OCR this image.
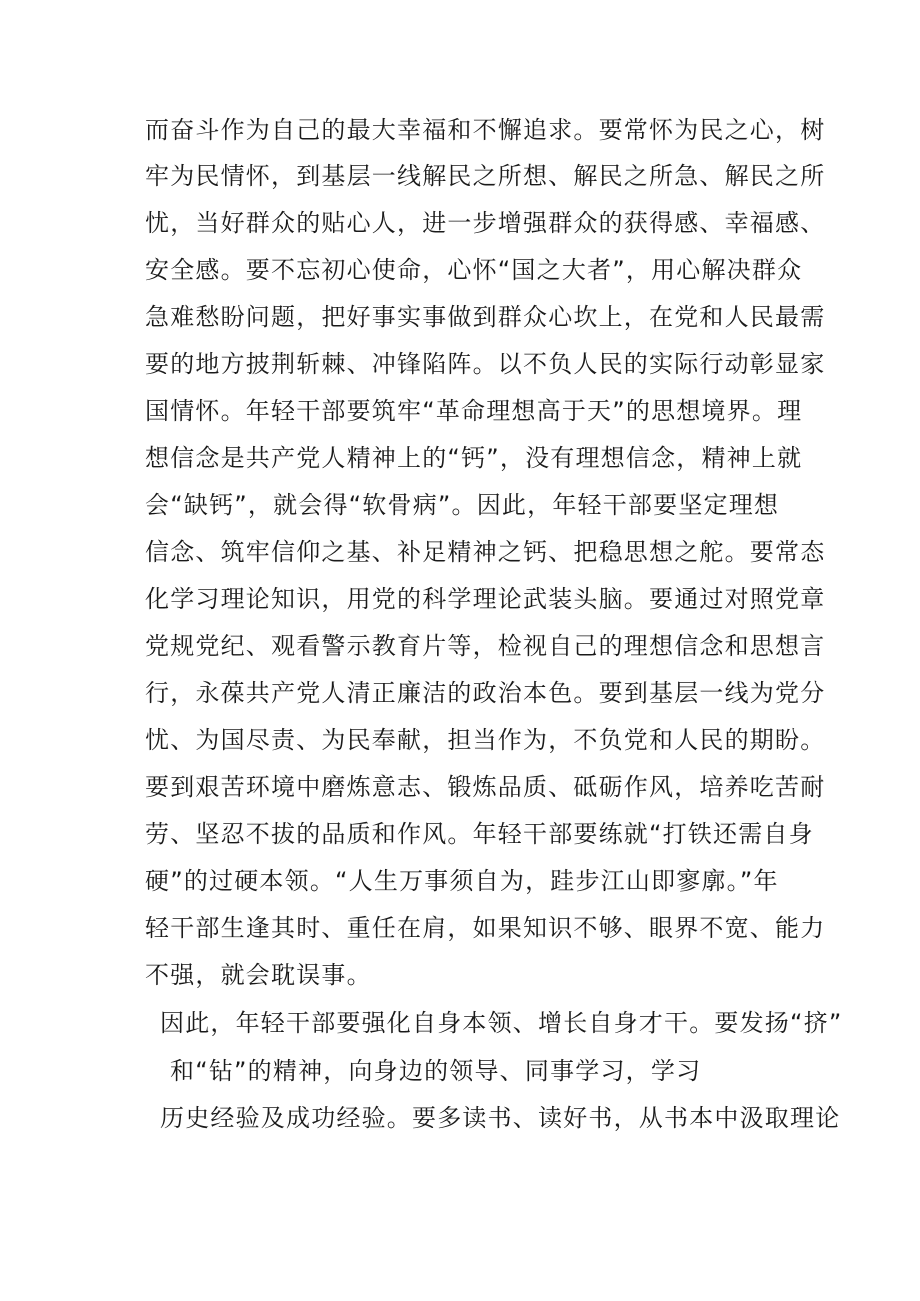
而奋斗作为自己的最大幸福和不懈追求。要常怀为民之心，树
牢为民情怀，到基层一线解民之所想、解民之所急、解民之所
忧，当好群众的贴心人，进一步增强群众的获得感、幸福感、
安全感。要不忘初心使命，心怀“国之大者”，用心解决群众
急难愁盼问题，把好事实事做到群众心坎上，在党和人民最需
要的地方披荆斩棘、冲锋陷阵。以不负人民的实际行动彰显家
国情怀。年轻干部要筑牢“革命理想高于天”的思想境界。理
想信念是共产党人精神上的“钙”，没有理想信念，精神上就
会“缺钙”，就会得“软骨病”。因此，年轻干部要坚定理想
信念、筑牢信仰之基、补足精神之钙、把稳思想之舵。要常态
化学习理论知识，用党的科学理论武装头脑。要通过对照党章
党规党纪、观看警示教育片等，检视自己的理想信念和思想言
行，永葆共产党人清正廉洁的政治本色。要到基层一线为党分
忧、为国尽责、为民奉献，担当作为，不负党和人民的期盼。
要到艰苦环境中磨炼意志、锻炼品质、砥砺作风，培养吃苦耐
劳、坚忍不拔的品质和作风。年轻干部要练就“打铁还需自身
硬”的过硬本领。“人生万事须自为，跬步江山即寥廓。”年
轻干部生逢其时、重任在肩，如果知识不够、眼界不宽、能力
不强，就会耽误事。
因此，年轻干部要强化自身本领、增长自身才干。要发扬“挤”
和“钻”的精神，向身边的领导、同事学习，学习
历史经验及成功经验。要多读书、读好书，从书本中汲取理论
